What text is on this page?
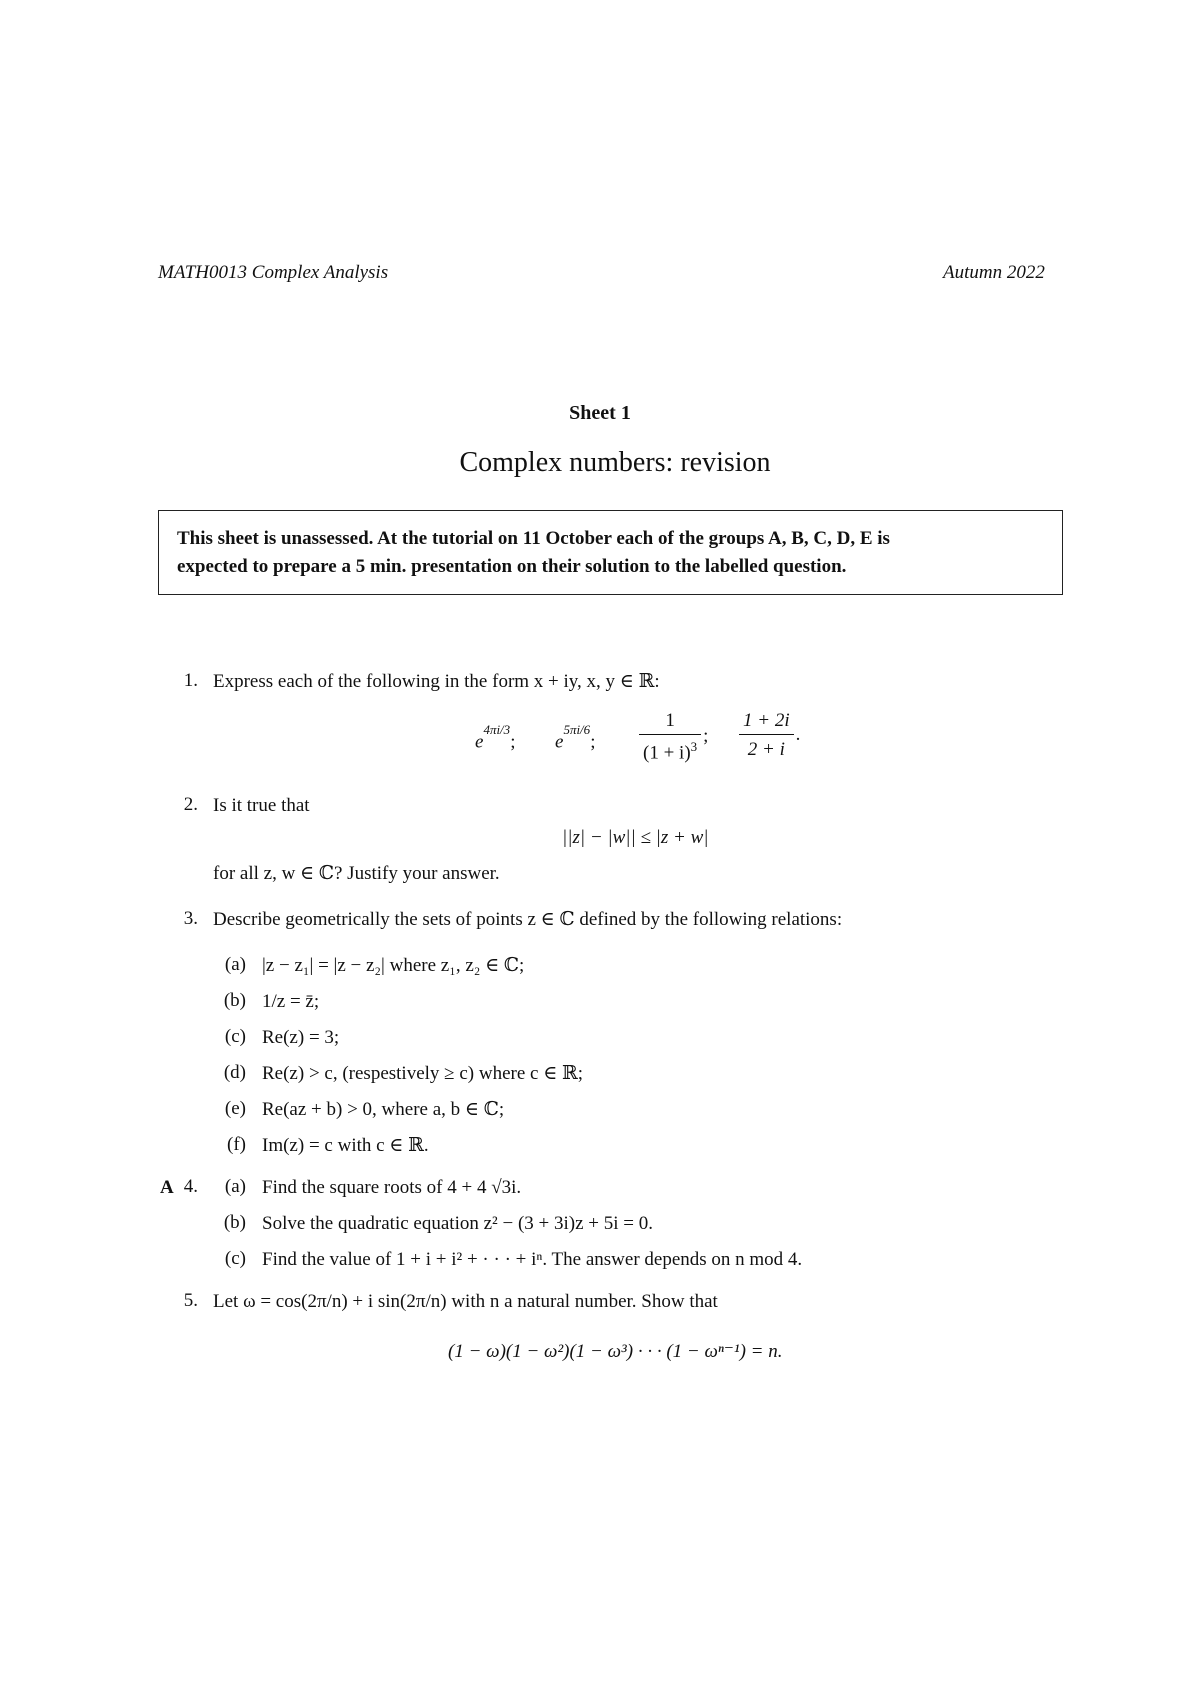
MATH0013 Complex Analysis	Autumn 2022
Sheet 1
Complex numbers: revision
This sheet is unassessed. At the tutorial on 11 October each of the groups A, B, C, D, E is
expected to prepare a 5 min. presentation on their solution to the labelled question.
1. Express each of the following in the form x + iy, x, y ∈ ℝ:
$e^{4\pi i/3}$; $e^{5\pi i/6}$; $\frac{1}{(1 + i)^3}$ ; $\frac{1 + 2i}{2 + i}$ .
2. Is it true that
||z| − |w|| ≤ |z + w|
for all z, w ∈ ℂ? Justify your answer.
3. Describe geometrically the sets of points z ∈ ℂ defined by the following relations:
(a) |z − z₁| = |z − z₂| where z₁, z₂ ∈ ℂ;
(b) 1/z = z̄;
(c) Re(z) = 3;
(d) Re(z) > c, (respestively ≥ c) where c ∈ ℝ;
(e) Re(az + b) > 0, where a, b ∈ ℂ;
(f) Im(z) = c with c ∈ ℝ.
A 4.	(a) Find the square roots of 4 + 4 √3i.
(b) Solve the quadratic equation z² − (3 + 3i)z + 5i = 0.
(c) Find the value of 1 + i + i² + · · · + iⁿ. The answer depends on n mod 4.
5. Let ω = cos(2π/n) + i sin(2π/n) with n a natural number. Show that
(1 − ω)(1 − ω²)(1 − ω³) · · · (1 − ωⁿ⁻¹) = n.
